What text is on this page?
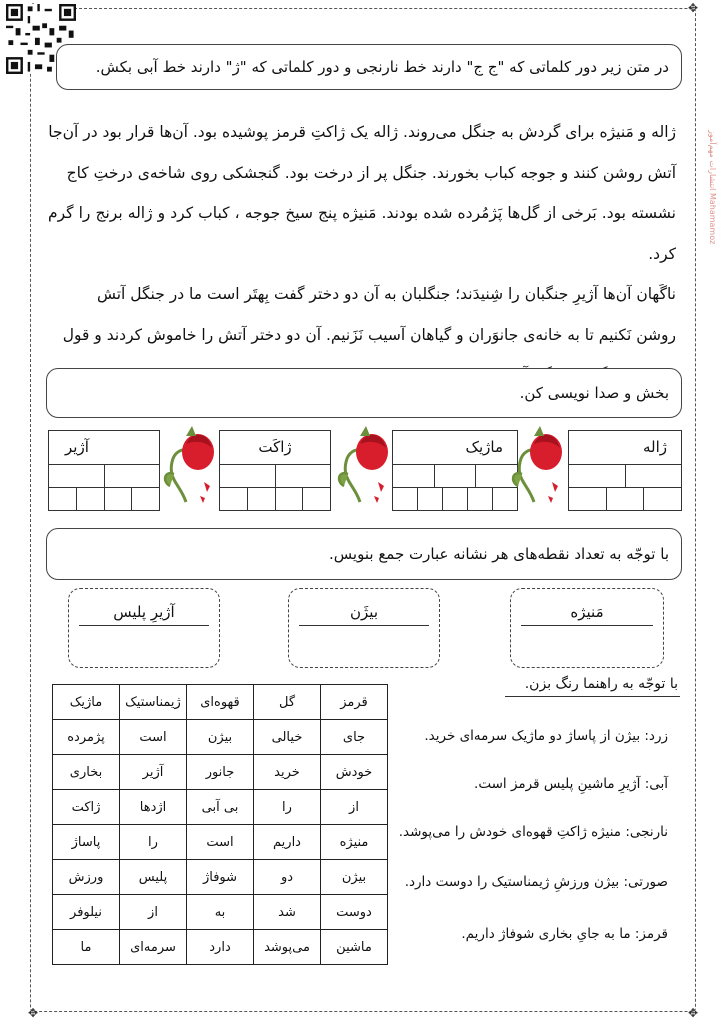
✥
✥	✥
انتشارات مهم‌آموز Mahamamoz
در متن زیر دور کلماتی که "ج ج" دارند خط نارنجی و دور کلماتی که "ژ" دارند خط آبی بکش.

ژاله و مَنیژه برای گردش به جنگل می‌روند. ژاله یک ژاکتِ قرمز پوشیده بود. آن‌ها قرار بود در آن‌جا

آتش روشن کنند و جوجه کباب بخورند. جنگل پر از درخت بود. گنجشکی روی شاخه‌ی درختِ کاج

نشسته بود. بَرخی از گل‌ها پَژمُرده شده بودند. مَنیژه پنج سیخ جوجه ، کباب کرد و ژاله برنج را گرم کرد.

ناگَهان آن‌ها آژیرِ جنگبان را شِنیدَند؛ جنگلبان به آن دو دختر گفت بِهتَر است ما در جنگل آتش

روشن نَکنیم تا به خانه‌ی جانوَران و گیاهان آسیب نَزَنیم. آن دو دختر آتش را خاموش کردند و قول

بخش و صدا نویسی کن.
ژاله
ماژیک
ژاکَت
آژیر
با توجّه به تعداد نقطه‌های هر نشانه عبارت جمع بنویس.
مَنیژه
بیژَن
آژیرِ پلیس
با توجّه به راهنما رنگ بزن.
قرمز	گل	قهوه‌ای	ژیمناستیک	ماژیک
جای	خیالی	بیژن	است	پژمرده
خودش	خرید	جانور	آژیر	بخاری
از	را	بی آبی	اژدها	ژاکت
منیژه	داریم	است	را	پاساژ
بیژن	دو	شوفاژ	پلیس	ورزش
دوست	شد	به	از	نیلوفر
ماشین	می‌پوشد	دارد	سرمه‌ای	ما
زرد: بیژن از پاساژ دو ماژیک سرمه‌ای خرید.
آبی: آژیرِ ماشینِ پلیس قرمز است.
نارنجی: منیژه ژاکتِ قهوه‌ای خودش را می‌پوشد.
صورتی: بیژن ورزشِ ژیمناستیک را دوست دارد.
قرمز: ما به جایِ بخاری شوفاژ داریم.
